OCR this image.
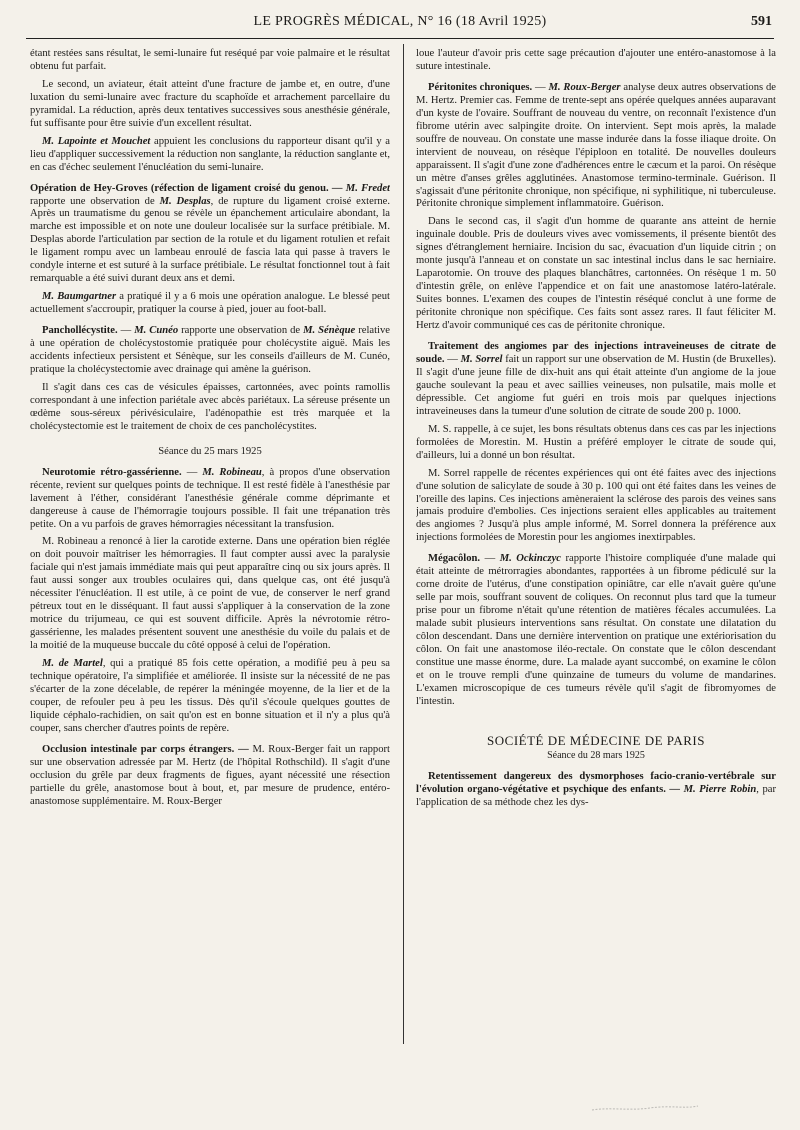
LE PROGRÈS MÉDICAL, N° 16 (18 Avril 1925)	591

étant restées sans résultat, le semi-lunaire fut reséqué par voie palmaire et le résultat obtenu fut parfait.

Le second, un aviateur, était atteint d'une fracture de jambe et, en outre, d'une luxation du semi-lunaire avec fracture du scaphoïde et arrachement parcellaire du pyramidal. La réduction, après deux tentatives successives sous anesthésie générale, fut suffisante pour être suivie d'un excellent résultat.

M. Lapointe et Mouchet appuient les conclusions du rapporteur disant qu'il y a lieu d'appliquer successivement la réduction non sanglante, la réduction sanglante et, en cas d'échec seulement l'énucléation du semi-lunaire.

Opération de Hey-Groves (réfection de ligament croisé du genou. — M. Fredet rapporte une observation de M. Desplas, de rupture du ligament croisé externe. Après un traumatisme du genou se révèle un épanchement articulaire abondant, la marche est impossible et on note une douleur localisée sur la surface prétibiale. M. Desplas aborde l'articulation par section de la rotule et du ligament rotulien et refait le ligament rompu avec un lambeau enroulé de fascia lata qui passe à travers le condyle interne et est suturé à la surface prétibiale. Le résultat fonctionnel tout à fait remarquable a été suivi durant deux ans et demi.

M. Baumgartner a pratiqué il y a 6 mois une opération analogue. Le blessé peut actuellement s'accroupir, pratiquer la course à pied, jouer au foot-ball.

Panchollécystite. — M. Cunéo rapporte une observation de M. Sénèque relative à une opération de cholécystostomie pratiquée pour cholécystite aiguë. Mais les accidents infectieux persistent et Sénèque, sur les conseils d'ailleurs de M. Cunéo, pratique la cholécystectomie avec drainage qui amène la guérison.

Il s'agit dans ces cas de vésicules épaisses, cartonnées, avec points ramollis correspondant à une infection pariétale avec abcès pariétaux. La séreuse présente un œdème sous-séreux périvésiculaire, l'adénopathie est très marquée et la cholécystectomie est le traitement de choix de ces pancholécystites.

Séance du 25 mars 1925

Neurotomie rétro-gassérienne. — M. Robineau, à propos d'une observation récente, revient sur quelques points de technique. Il est resté fidèle à l'anesthésie par lavement à l'éther, considérant l'anesthésie générale comme déprimante et dangereuse à cause de l'hémorragie toujours possible. Il fait une trépanation très petite. On a vu parfois de graves hémorragies nécessitant la transfusion.

M. Robineau a renoncé à lier la carotide externe. Dans une opération bien réglée on doit pouvoir maîtriser les hémorragies. Il faut compter aussi avec la paralysie faciale qui n'est jamais immédiate mais qui peut apparaître cinq ou six jours après. Il faut aussi songer aux troubles oculaires qui, dans quelque cas, ont été jusqu'à nécessiter l'énucléation. Il est utile, à ce point de vue, de conserver le nerf grand pétreux tout en le disséquant. Il faut aussi s'appliquer à la conservation de la zone motrice du trijumeau, ce qui est souvent difficile. Après la névrotomie rétro-gassérienne, les malades présentent souvent une anesthésie du voile du palais et de la moitié de la muqueuse buccale du côté opposé à celui de l'opération.

M. de Martel, qui a pratiqué 85 fois cette opération, a modifié peu à peu sa technique opératoire, l'a simplifiée et améliorée. Il insiste sur la nécessité de ne pas s'écarter de la zone décelable, de repérer la méningée moyenne, de la lier et de la couper, de refouler peu à peu les tissus. Dès qu'il s'écoule quelques gouttes de liquide céphalo-rachidien, on sait qu'on est en bonne situation et il n'y a plus qu'à couper, sans chercher d'autres points de repère.

Occlusion intestinale par corps étrangers. — M. Roux-Berger fait un rapport sur une observation adressée par M. Hertz (de l'hôpital Rothschild). Il s'agit d'une occlusion du grêle par deux fragments de figues, ayant nécessité une résection partielle du grêle, anastomose bout à bout, et, par mesure de prudence, entéro-anastomose supplémentaire. M. Roux-Berger

loue l'auteur d'avoir pris cette sage précaution d'ajouter une entéro-anastomose à la suture intestinale.

Péritonites chroniques. — M. Roux-Berger analyse deux autres observations de M. Hertz. Premier cas. Femme de trente-sept ans opérée quelques années auparavant d'un kyste de l'ovaire. Souffrant de nouveau du ventre, on reconnaît l'existence d'un fibrome utérin avec salpingite droite. On intervient. Sept mois après, la malade souffre de nouveau. On constate une masse indurée dans la fosse iliaque droite. On intervient de nouveau, on résèque l'épiploon en totalité. De nouvelles douleurs apparaissent. Il s'agit d'une zone d'adhérences entre le cæcum et la paroi. On résèque un mètre d'anses grêles agglutinées. Anastomose termino-terminale. Guérison. Il s'agissait d'une péritonite chronique, non spécifique, ni syphilitique, ni tuberculeuse. Péritonite chronique simplement inflammatoire. Guérison.

Dans le second cas, il s'agit d'un homme de quarante ans atteint de hernie inguinale double. Pris de douleurs vives avec vomissements, il présente bientôt des signes d'étranglement herniaire. Incision du sac, évacuation d'un liquide citrin ; on monte jusqu'à l'anneau et on constate un sac intestinal inclus dans le sac herniaire. Laparotomie. On trouve des plaques blanchâtres, cartonnées. On résèque 1 m. 50 d'intestin grêle, on enlève l'appendice et on fait une anastomose latéro-latérale. Suites bonnes. L'examen des coupes de l'intestin réséqué conclut à une forme de péritonite chronique non spécifique. Ces faits sont assez rares. Il faut féliciter M. Hertz d'avoir communiqué ces cas de péritonite chronique.

Traitement des angiomes par des injections intraveineuses de citrate de soude. — M. Sorrel fait un rapport sur une observation de M. Hustin (de Bruxelles). Il s'agit d'une jeune fille de dix-huit ans qui était atteinte d'un angiome de la joue gauche soulevant la peau et avec saillies veineuses, non pulsatile, mais molle et dépressible. Cet angiome fut guéri en trois mois par quelques injections intraveineuses dans la tumeur d'une solution de citrate de soude 200 p. 1000.

M. S. rappelle, à ce sujet, les bons résultats obtenus dans ces cas par les injections formolées de Morestin. M. Hustin a préféré employer le citrate de soude qui, d'ailleurs, lui a donné un bon résultat.

M. Sorrel rappelle de récentes expériences qui ont été faites avec des injections d'une solution de salicylate de soude à 30 p. 100 qui ont été faites dans les veines de l'oreille des lapins. Ces injections amèneraient la sclérose des parois des veines sans jamais produire d'embolies. Ces injections seraient elles applicables au traitement des angiomes ? Jusqu'à plus ample informé, M. Sorrel donnera la préférence aux injections formolées de Morestin pour les angiomes inextirpables.

Mégacôlon. — M. Ockinczyc rapporte l'histoire compliquée d'une malade qui était atteinte de métrorragies abondantes, rapportées à un fibrome pédiculé sur la corne droite de l'utérus, d'une constipation opiniâtre, car elle n'avait guère qu'une selle par mois, souffrant souvent de coliques. On reconnut plus tard que la tumeur prise pour un fibrome n'était qu'une rétention de matières fécales accumulées. La malade subit plusieurs interventions sans résultat. On constate une dilatation du côlon descendant. Dans une dernière intervention on pratique une extériorisation du côlon. On fait une anastomose iléo-rectale. On constate que le côlon descendant constitue une masse énorme, dure. La malade ayant succombé, on examine le côlon et on le trouve rempli d'une quinzaine de tumeurs du volume de mandarines. L'examen microscopique de ces tumeurs révèle qu'il s'agit de fibromyomes de l'intestin.

SOCIÉTÉ DE MÉDECINE DE PARIS

Séance du 28 mars 1925

Retentissement dangereux des dysmorphoses facio-cranio-vertébrale sur l'évolution organo-végétative et psychique des enfants. — M. Pierre Robin, par l'application de sa méthode chez les dys-
